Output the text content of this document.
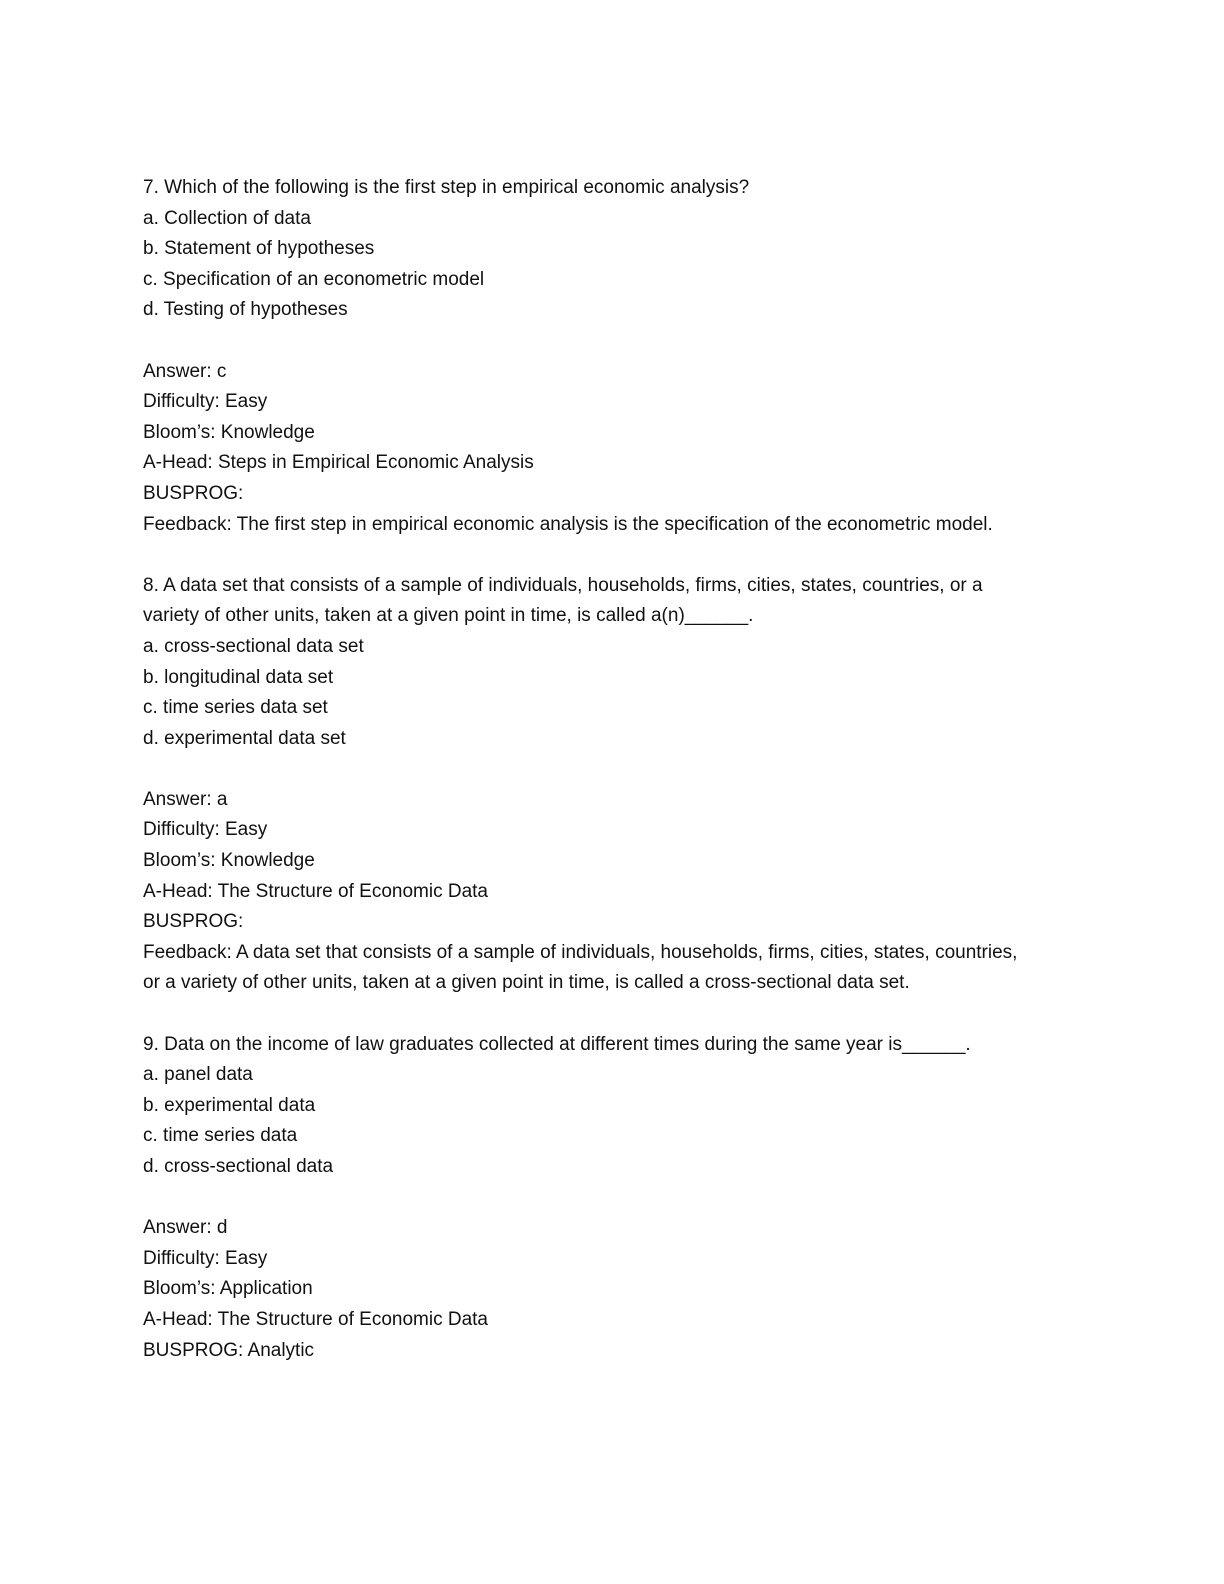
7. Which of the following is the first step in empirical economic analysis?
a. Collection of data
b. Statement of hypotheses
c. Specification of an econometric model
d. Testing of hypotheses
Answer: c
Difficulty: Easy
Bloom’s: Knowledge
A-Head: Steps in Empirical Economic Analysis
BUSPROG:
Feedback: The first step in empirical economic analysis is the specification of the econometric model.
8. A data set that consists of a sample of individuals, households, firms, cities, states, countries, or a
variety of other units, taken at a given point in time, is called a(n)______.
a. cross-sectional data set
b. longitudinal data set
c. time series data set
d. experimental data set
Answer: a
Difficulty: Easy
Bloom’s: Knowledge
A-Head: The Structure of Economic Data
BUSPROG:
Feedback: A data set that consists of a sample of individuals, households, firms, cities, states, countries,
or a variety of other units, taken at a given point in time, is called a cross-sectional data set.
9. Data on the income of law graduates collected at different times during the same year is______.
a. panel data
b. experimental data
c. time series data
d. cross-sectional data
Answer: d
Difficulty: Easy
Bloom’s: Application
A-Head: The Structure of Economic Data
BUSPROG: Analytic
